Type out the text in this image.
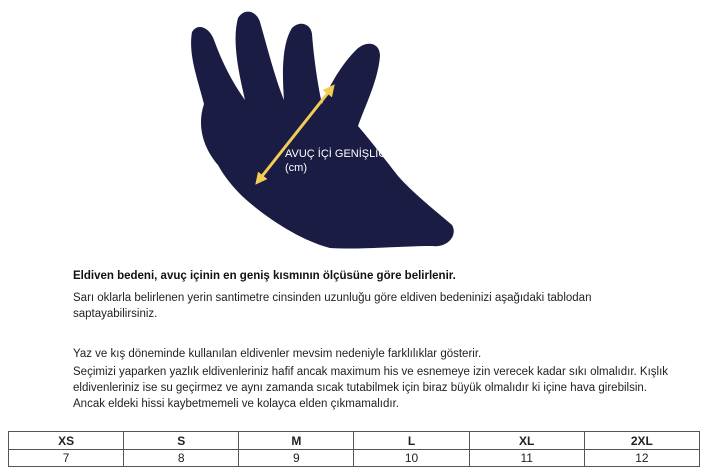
AVUÇ İÇİ GENİŞLİĞİ
(cm)

Eldiven bedeni, avuç içinin en geniş kısmının ölçüsüne göre belirlenir.

Sarı oklarla belirlenen yerin santimetre cinsinden uzunluğu göre eldiven bedeninizi aşağıdaki tablodan saptayabilirsiniz.

Yaz ve kış döneminde kullanılan eldivenler mevsim nedeniyle farklılıklar gösterir.

Seçimizi yaparken yazlık eldivenleriniz hafif ancak maximum his ve esnemeye izin verecek kadar sıkı olmalıdır. Kışlık eldivenleriniz ise su geçirmez ve aynı zamanda sıcak tutabilmek için biraz büyük olmalıdır ki içine hava girebilsin. Ancak eldeki hissi kaybetmemeli ve kolayca elden çıkmamalıdır.

XS	S	M	L	XL	2XL
7	8	9	10	11	12
